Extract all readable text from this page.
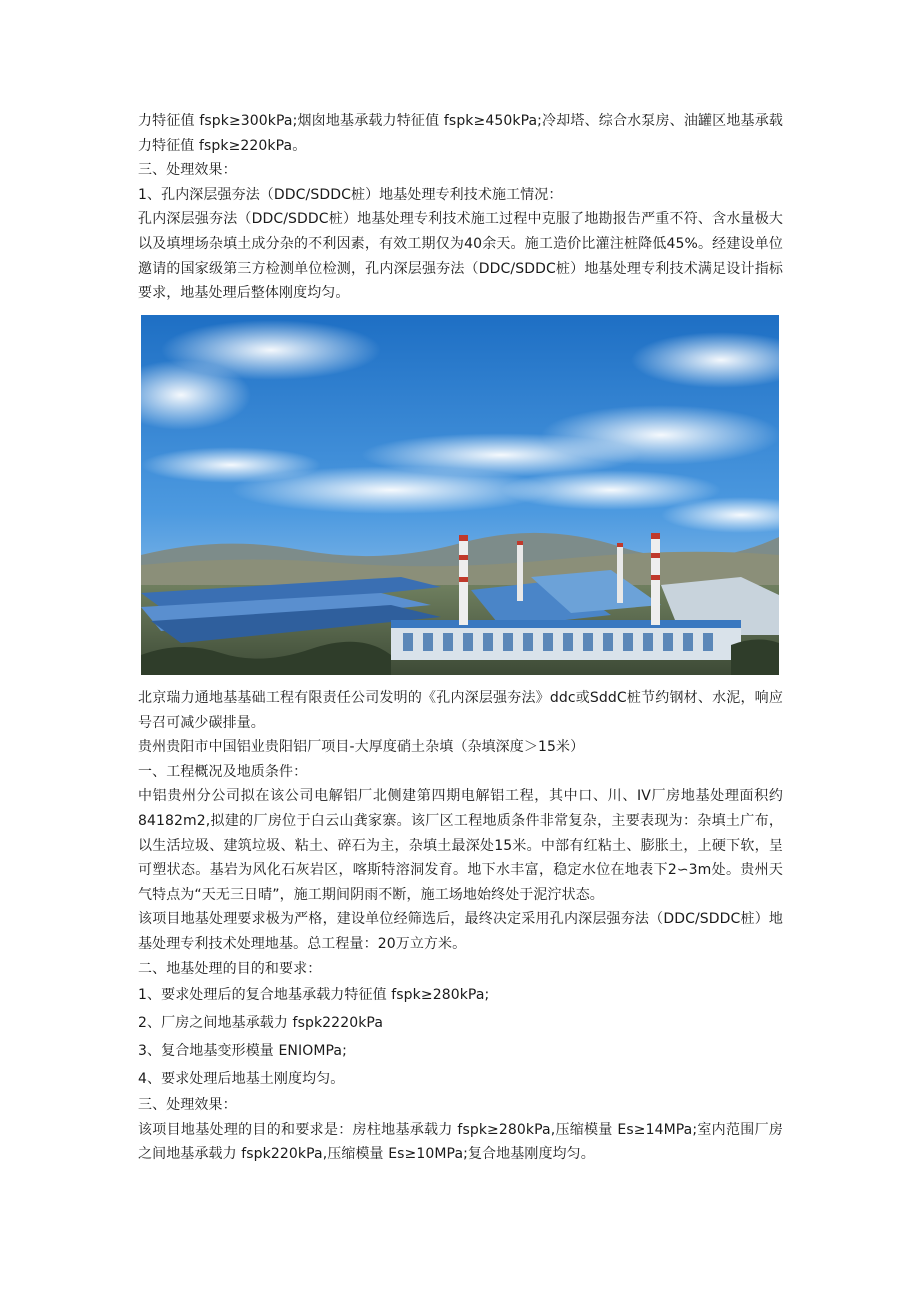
力特征值 fspk≥300kPa;烟囱地基承载力特征值 fspk≥450kPa;冷却塔、综合水泵房、油罐区地基承载力特征值 fspk≥220kPa。

三、处理效果：

1、孔内深层强夯法（DDC/SDDC桩）地基处理专利技术施工情况：

孔内深层强夯法（DDC/SDDC桩）地基处理专利技术施工过程中克服了地勘报告严重不符、含水量极大以及填埋场杂填土成分杂的不利因素，有效工期仅为40余天。施工造价比灌注桩降低45%。经建设单位邀请的国家级第三方检测单位检测，孔内深层强夯法（DDC/SDDC桩）地基处理专利技术满足设计指标要求，地基处理后整体刚度均匀。

北京瑞力通地基基础工程有限责任公司发明的《孔内深层强夯法》ddc或SddC桩节约钢材、水泥，响应号召可减少碳排量。

贵州贵阳市中国铝业贵阳铝厂项目-大厚度硝土杂填（杂填深度＞15米）

一、工程概况及地质条件：

中铝贵州分公司拟在该公司电解铝厂北侧建第四期电解铝工程，其中口、川、IV厂房地基处理面积约84182m2,拟建的厂房位于白云山龚家寨。该厂区工程地质条件非常复杂，主要表现为：杂填土广布，以生活垃圾、建筑垃圾、粘土、碎石为主，杂填土最深处15米。中部有红粘土、膨胀土，上硬下软，呈可塑状态。基岩为风化石灰岩区，喀斯特溶洞发育。地下水丰富，稳定水位在地表下2∽3m处。贵州天气特点为“天无三日晴”，施工期间阴雨不断，施工场地始终处于泥泞状态。

该项目地基处理要求极为严格，建设单位经筛选后，最终决定采用孔内深层强夯法（DDC/SDDC桩）地基处理专利技术处理地基。总工程量：20万立方米。

二、地基处理的目的和要求：

1、要求处理后的复合地基承载力特征值 fspk≥280kPa;

2、厂房之间地基承载力 fspk2220kPa

3、复合地基变形模量 ENIOMPa;

4、要求处理后地基土刚度均匀。

三、处理效果：

该项目地基处理的目的和要求是：房柱地基承载力 fspk≥280kPa,压缩模量 Es≥14MPa;室内范围厂房之间地基承载力 fspk220kPa,压缩模量 Es≥10MPa;复合地基刚度均匀。
